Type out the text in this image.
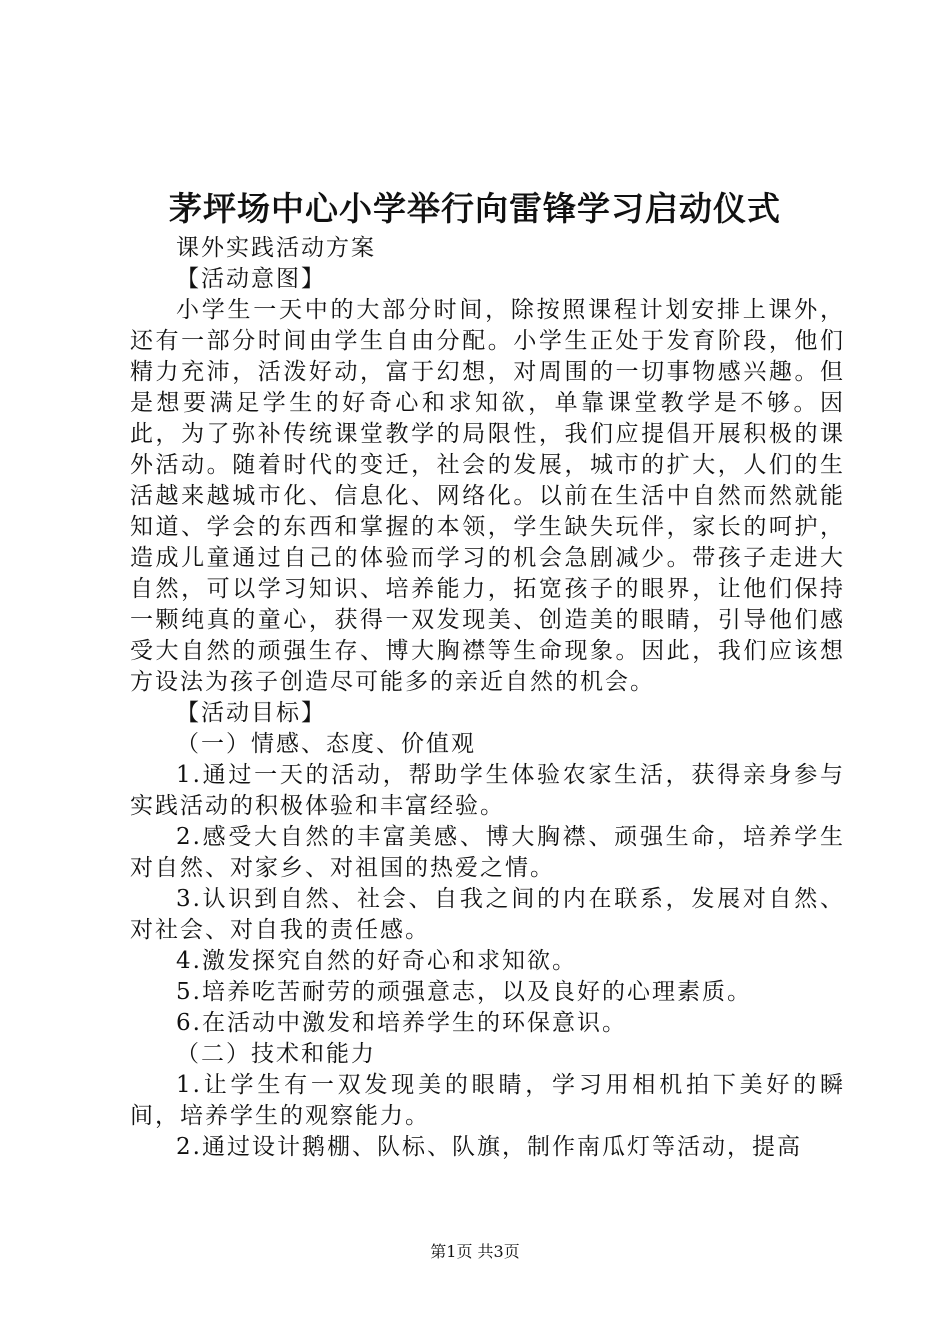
茅坪场中心小学举行向雷锋学习启动仪式

课外实践活动方案

【活动意图】

小学生一天中的大部分时间，除按照课程计划安排上课外，还有一部分时间由学生自由分配。小学生正处于发育阶段，他们精力充沛，活泼好动，富于幻想，对周围的一切事物感兴趣。但是想要满足学生的好奇心和求知欲，单靠课堂教学是不够。因此，为了弥补传统课堂教学的局限性，我们应提倡开展积极的课外活动。随着时代的变迁，社会的发展，城市的扩大，人们的生活越来越城市化、信息化、网络化。以前在生活中自然而然就能知道、学会的东西和掌握的本领，学生缺失玩伴，家长的呵护，造成儿童通过自己的体验而学习的机会急剧减少。带孩子走进大自然，可以学习知识、培养能力，拓宽孩子的眼界，让他们保持一颗纯真的童心，获得一双发现美、创造美的眼睛，引导他们感受大自然的顽强生存、博大胸襟等生命现象。因此，我们应该想方设法为孩子创造尽可能多的亲近自然的机会。

【活动目标】

（一）情感、态度、价值观

1.通过一天的活动，帮助学生体验农家生活，获得亲身参与实践活动的积极体验和丰富经验。

2.感受大自然的丰富美感、博大胸襟、顽强生命，培养学生对自然、对家乡、对祖国的热爱之情。

3.认识到自然、社会、自我之间的内在联系，发展对自然、对社会、对自我的责任感。

4.激发探究自然的好奇心和求知欲。

5.培养吃苦耐劳的顽强意志，以及良好的心理素质。

6.在活动中激发和培养学生的环保意识。

（二）技术和能力

1.让学生有一双发现美的眼睛，学习用相机拍下美好的瞬间，培养学生的观察能力。

2.通过设计鹅棚、队标、队旗，制作南瓜灯等活动，提高

第1页 共3页
